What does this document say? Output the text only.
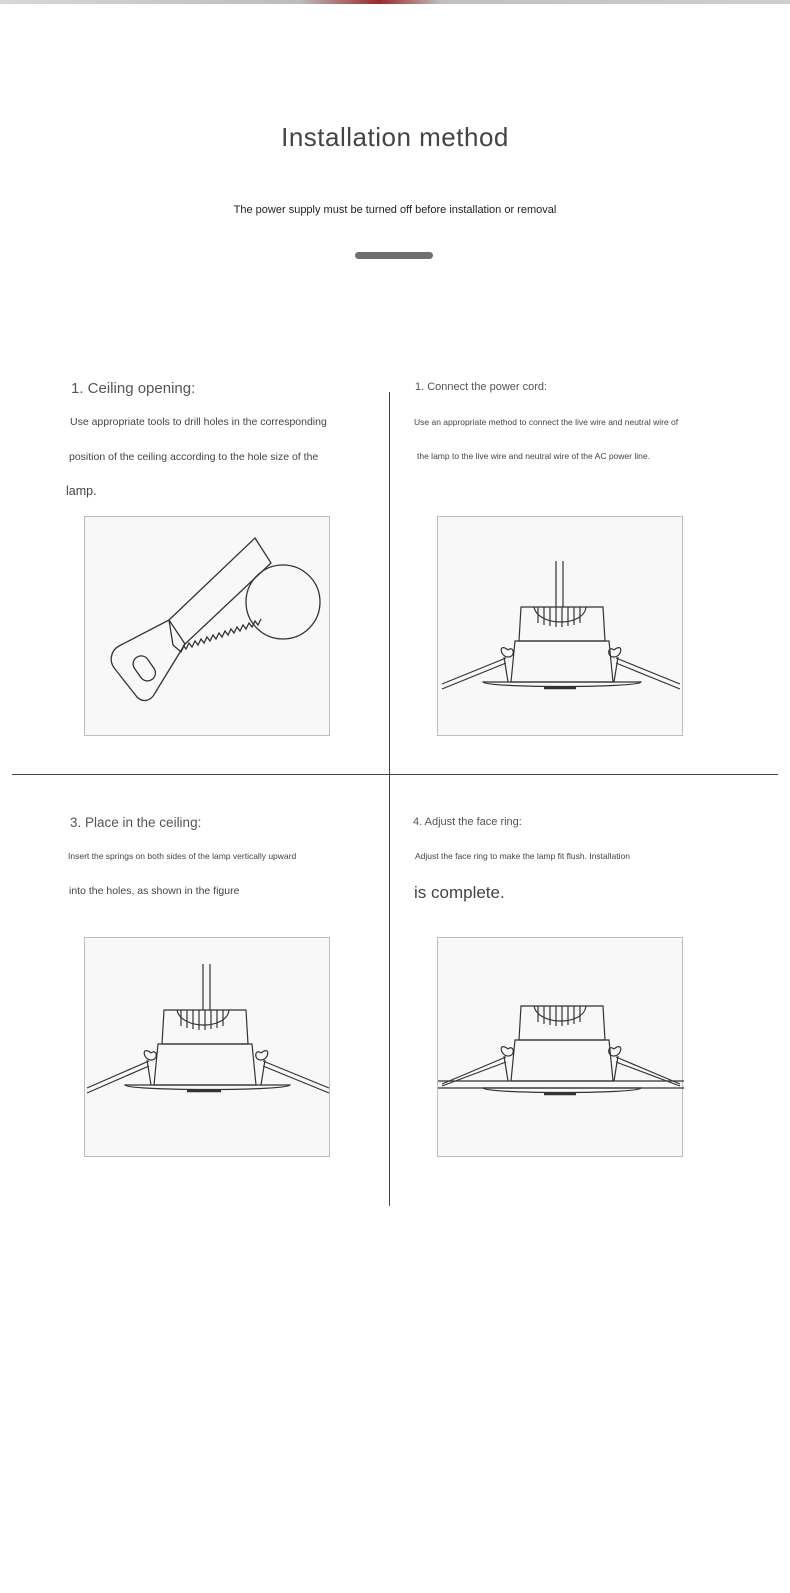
Installation method
The power supply must be turned off before installation or removal
1. Ceiling opening:
Use appropriate tools to drill holes in the corresponding
position of the ceiling according to the hole size of the
lamp.
1. Connect the power cord:
Use an appropriate method to connect the live wire and neutral wire of
the lamp to the live wire and neutral wire of the AC power line.
3. Place in the ceiling:
Insert the springs on both sides of the lamp vertically upward
into the holes, as shown in the figure
4. Adjust the face ring:
Adjust the face ring to make the lamp fit flush. Installation
is complete.
